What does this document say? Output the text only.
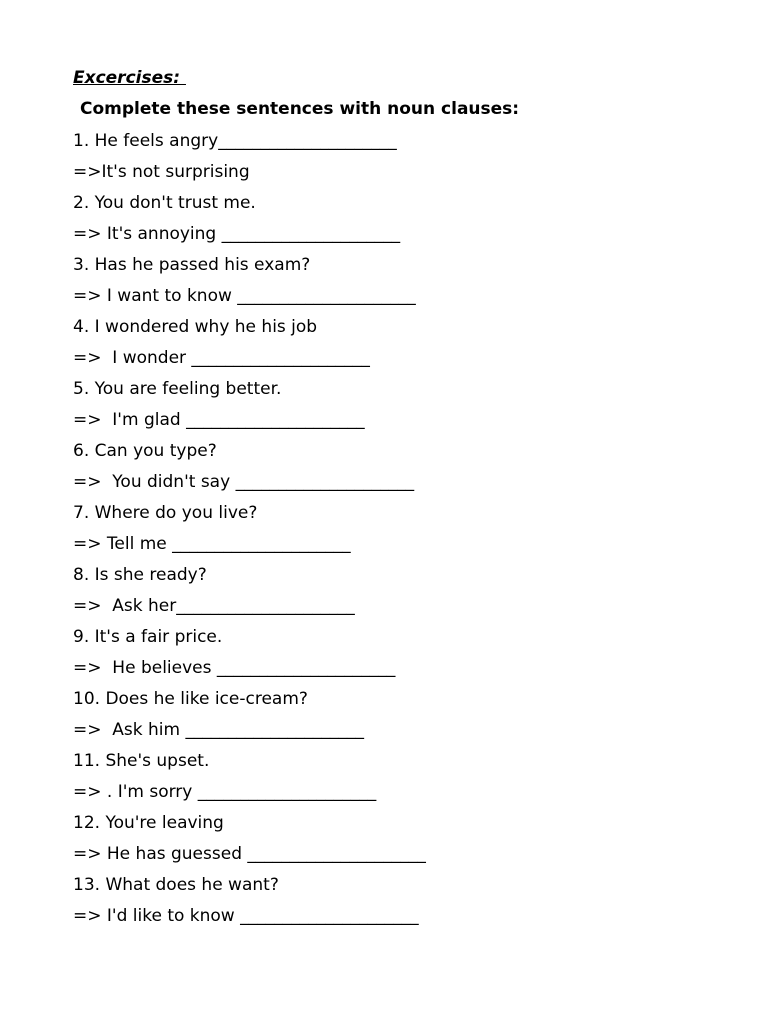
Excercises:
Complete these sentences with noun clauses:
1. He feels angry_____________________
=>It's not surprising
2. You don't trust me.
=> It's annoying _____________________
3. Has he passed his exam?
=> I want to know _____________________
4. I wondered why he his job
=>  I wonder _____________________
5. You are feeling better.
=>  I'm glad _____________________
6. Can you type?
=>  You didn't say _____________________
7. Where do you live?
=> Tell me _____________________
8. Is she ready?
=>  Ask her_____________________
9. It's a fair price.
=>  He believes _____________________
10. Does he like ice-cream?
=>  Ask him _____________________
11. She's upset.
=> . I'm sorry _____________________
12. You're leaving
=> He has guessed _____________________
13. What does he want?
=> I'd like to know _____________________
